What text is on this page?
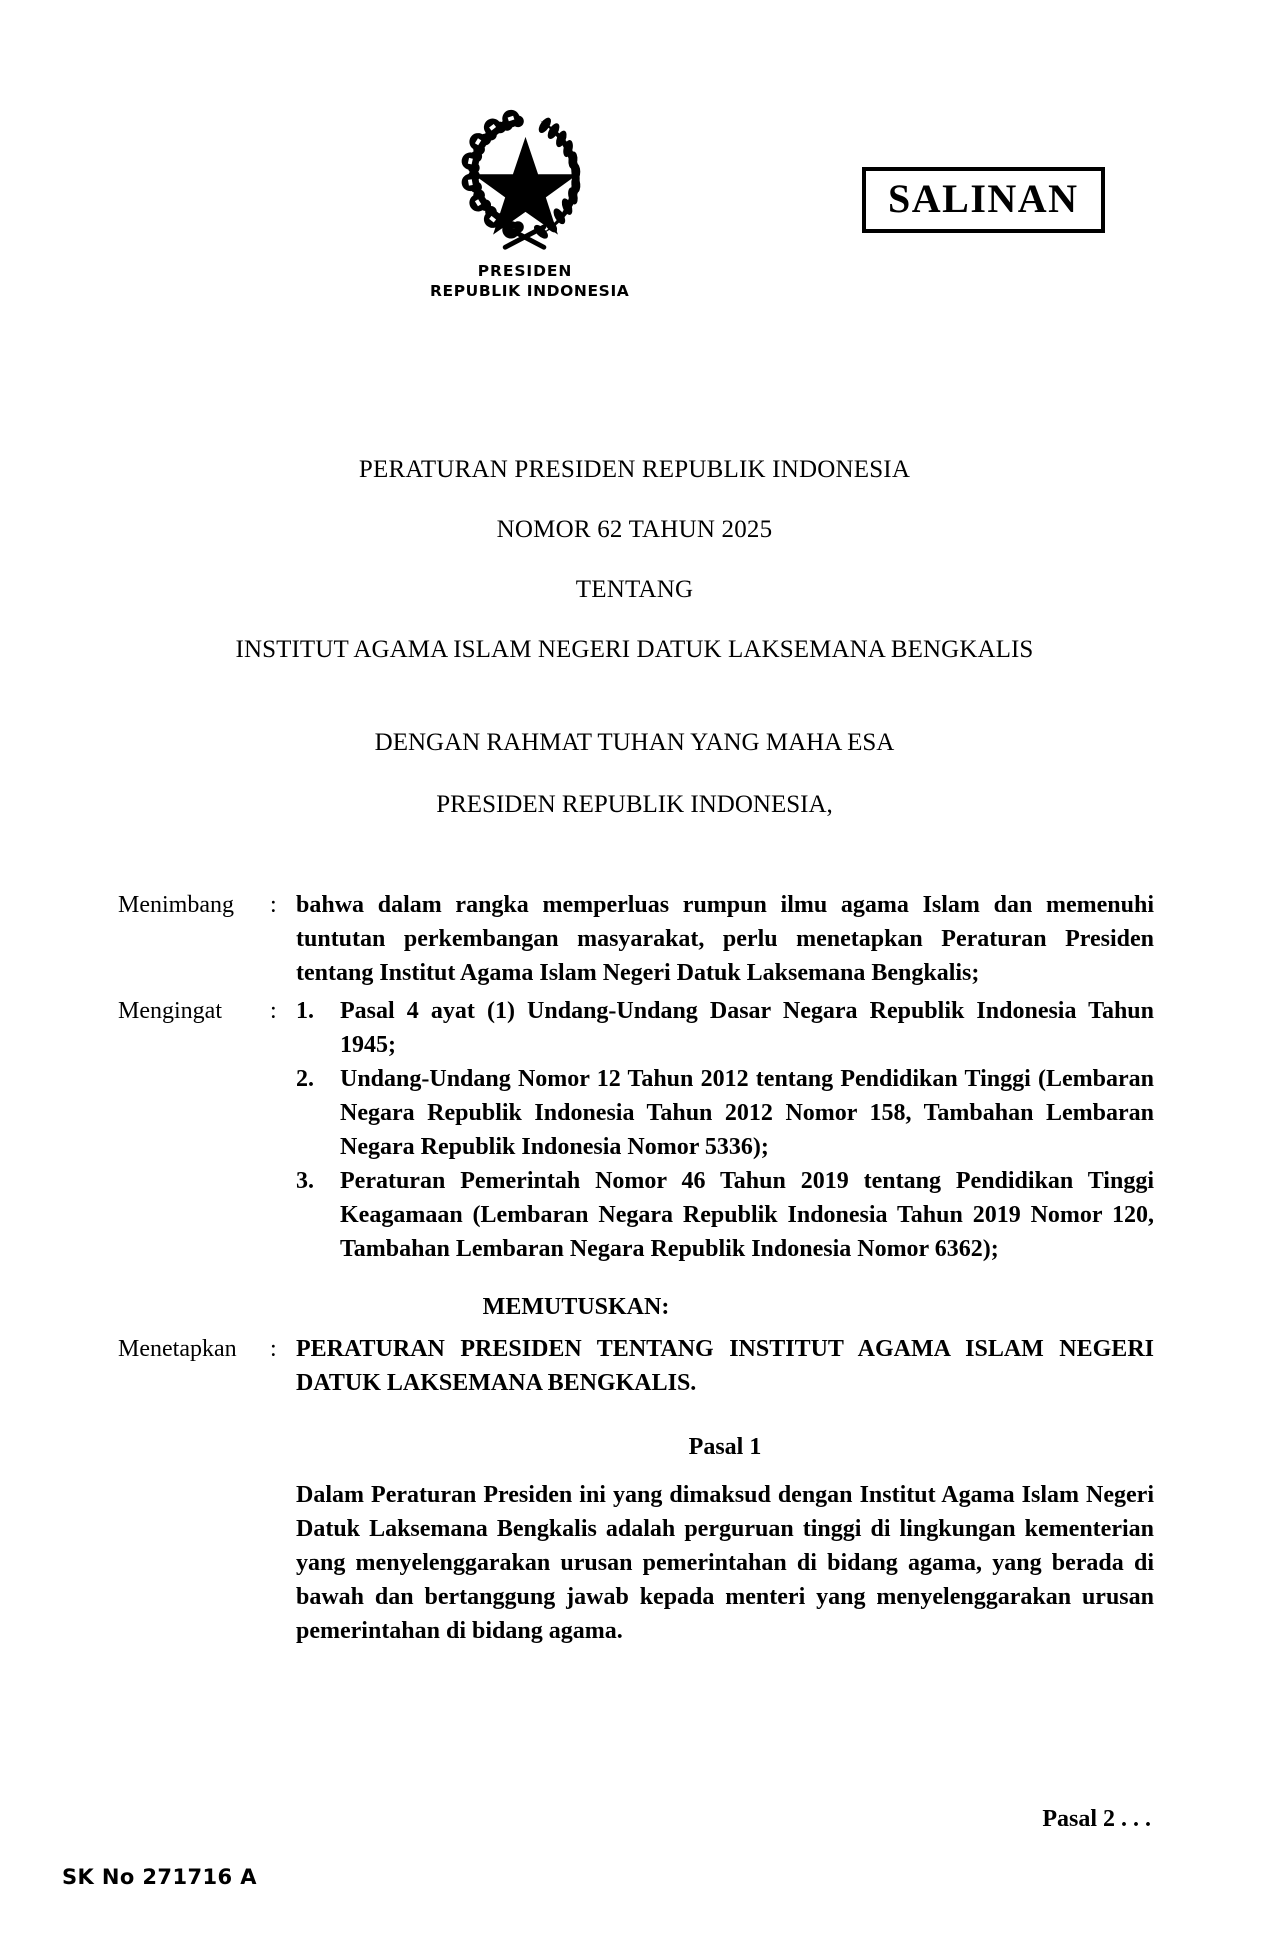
PRESIDEN
REPUBLIK INDONESIA
SALINAN
PERATURAN PRESIDEN REPUBLIK INDONESIA
NOMOR 62 TAHUN 2025
TENTANG
INSTITUT AGAMA ISLAM NEGERI DATUK LAKSEMANA BENGKALIS
DENGAN RAHMAT TUHAN YANG MAHA ESA
PRESIDEN REPUBLIK INDONESIA,
Menimbang	: bahwa dalam rangka memperluas rumpun ilmu agama Islam dan memenuhi tuntutan perkembangan masyarakat, perlu menetapkan Peraturan Presiden tentang Institut Agama Islam Negeri Datuk Laksemana Bengkalis;
Mengingat	: 1.	Pasal 4 ayat (1) Undang-Undang Dasar Negara Republik Indonesia Tahun 1945;
2.	Undang-Undang Nomor 12 Tahun 2012 tentang Pendidikan Tinggi (Lembaran Negara Republik Indonesia Tahun 2012 Nomor 158, Tambahan Lembaran Negara Republik Indonesia Nomor 5336);
3.	Peraturan Pemerintah Nomor 46 Tahun 2019 tentang Pendidikan Tinggi Keagamaan (Lembaran Negara Republik Indonesia Tahun 2019 Nomor 120, Tambahan Lembaran Negara Republik Indonesia Nomor 6362);
MEMUTUSKAN:
Menetapkan	: PERATURAN PRESIDEN TENTANG INSTITUT AGAMA ISLAM NEGERI DATUK LAKSEMANA BENGKALIS.
Pasal 1
Dalam Peraturan Presiden ini yang dimaksud dengan Institut Agama Islam Negeri Datuk Laksemana Bengkalis adalah perguruan tinggi di lingkungan kementerian yang menyelenggarakan urusan pemerintahan di bidang agama, yang berada di bawah dan bertanggung jawab kepada menteri yang menyelenggarakan urusan pemerintahan di bidang agama.
Pasal 2 . . .
SK No 271716 A
